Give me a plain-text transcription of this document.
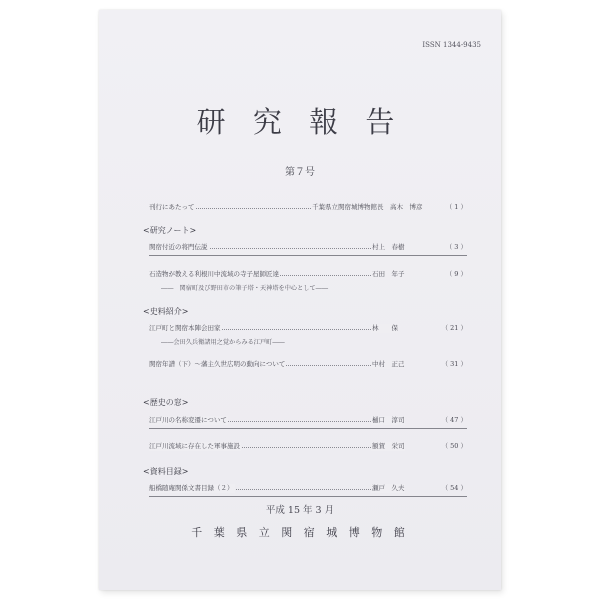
ISSN 1344-9435
研 究 報 告
第７号
刊行にあたって	千葉県立関宿城博物館長　高木　博彦	（ 1 ）
<研究ノート>
関宿付近の将門伝説	村上　春樹	（ 3 ）
石造物が教える利根川中流域の寺子屋師匠達	石田　年子	（ 9 ）
――　関宿町及び野田市の筆子塔・天神塔を中心として――
<史料紹介>
江戸町と関宿本陣会田家	林　　保	（ 21 ）
――会田久兵衛諸用之覚からみる江戸町――
関宿年譜（下）～藩主久世広明の動向について	中村　正己	（ 31 ）
<歴史の窓>
江戸川の名称変遷について	樋口　淳司	（ 47 ）
江戸川流域に存在した軍事施設	額賀　栄司	（ 50 ）
<資料目録>
船橋随庵関係文書目録（２）	瀬戸　久夫	（ 54 ）
平成 15 年 3 月
千 葉 県 立 関 宿 城 博 物 館
